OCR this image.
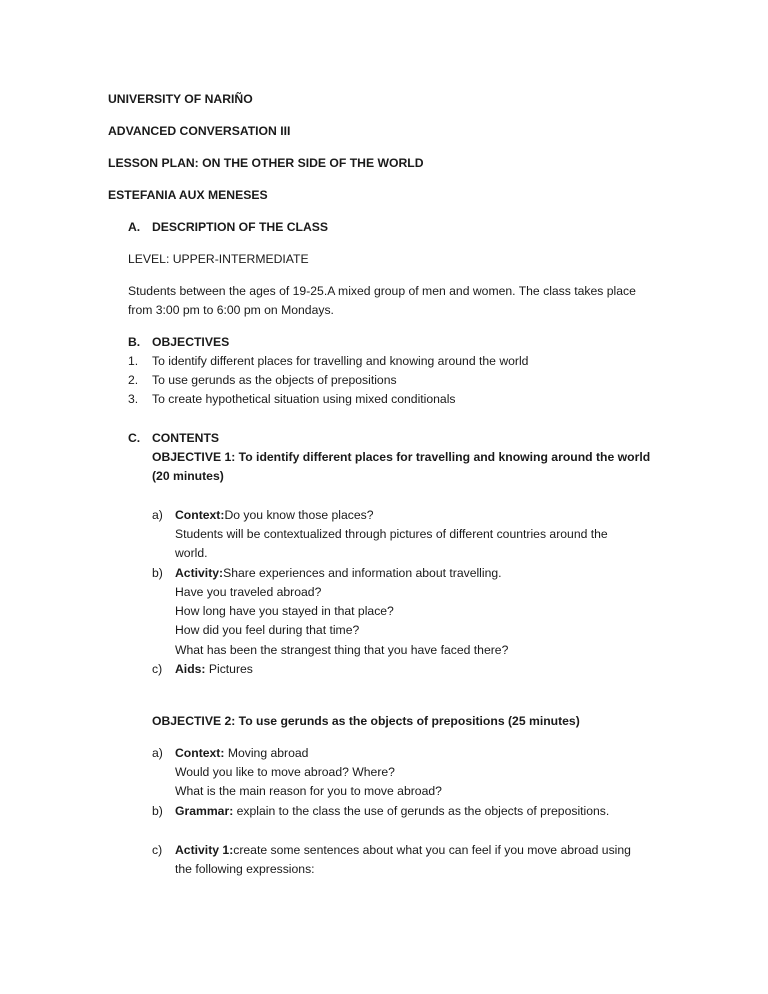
UNIVERSITY OF NARIÑO
ADVANCED CONVERSATION III
LESSON PLAN: ON THE OTHER SIDE OF THE WORLD
ESTEFANIA AUX MENESES
A. DESCRIPTION OF THE CLASS
LEVEL: UPPER-INTERMEDIATE
Students between the ages of 19-25.A mixed group of men and women. The class takes place
from 3:00 pm to 6:00 pm on Mondays.
B. OBJECTIVES
1. To identify different places for travelling and knowing around the world
2. To use gerunds as the objects of prepositions
3. To create hypothetical situation using mixed conditionals
C. CONTENTS
OBJECTIVE 1: To identify different places for travelling and knowing around the world
(20 minutes)
a) Context:Do you know those places?
Students will be contextualized through pictures of different countries around the
world.
b) Activity:Share experiences and information about travelling.
Have you traveled abroad?
How long have you stayed in that place?
How did you feel during that time?
What has been the strangest thing that you have faced there?
c) Aids: Pictures
OBJECTIVE 2: To use gerunds as the objects of prepositions (25 minutes)
a) Context: Moving abroad
Would you like to move abroad? Where?
What is the main reason for you to move abroad?
b) Grammar: explain to the class the use of gerunds as the objects of prepositions.
c) Activity 1:create some sentences about what you can feel if you move abroad using
the following expressions:
